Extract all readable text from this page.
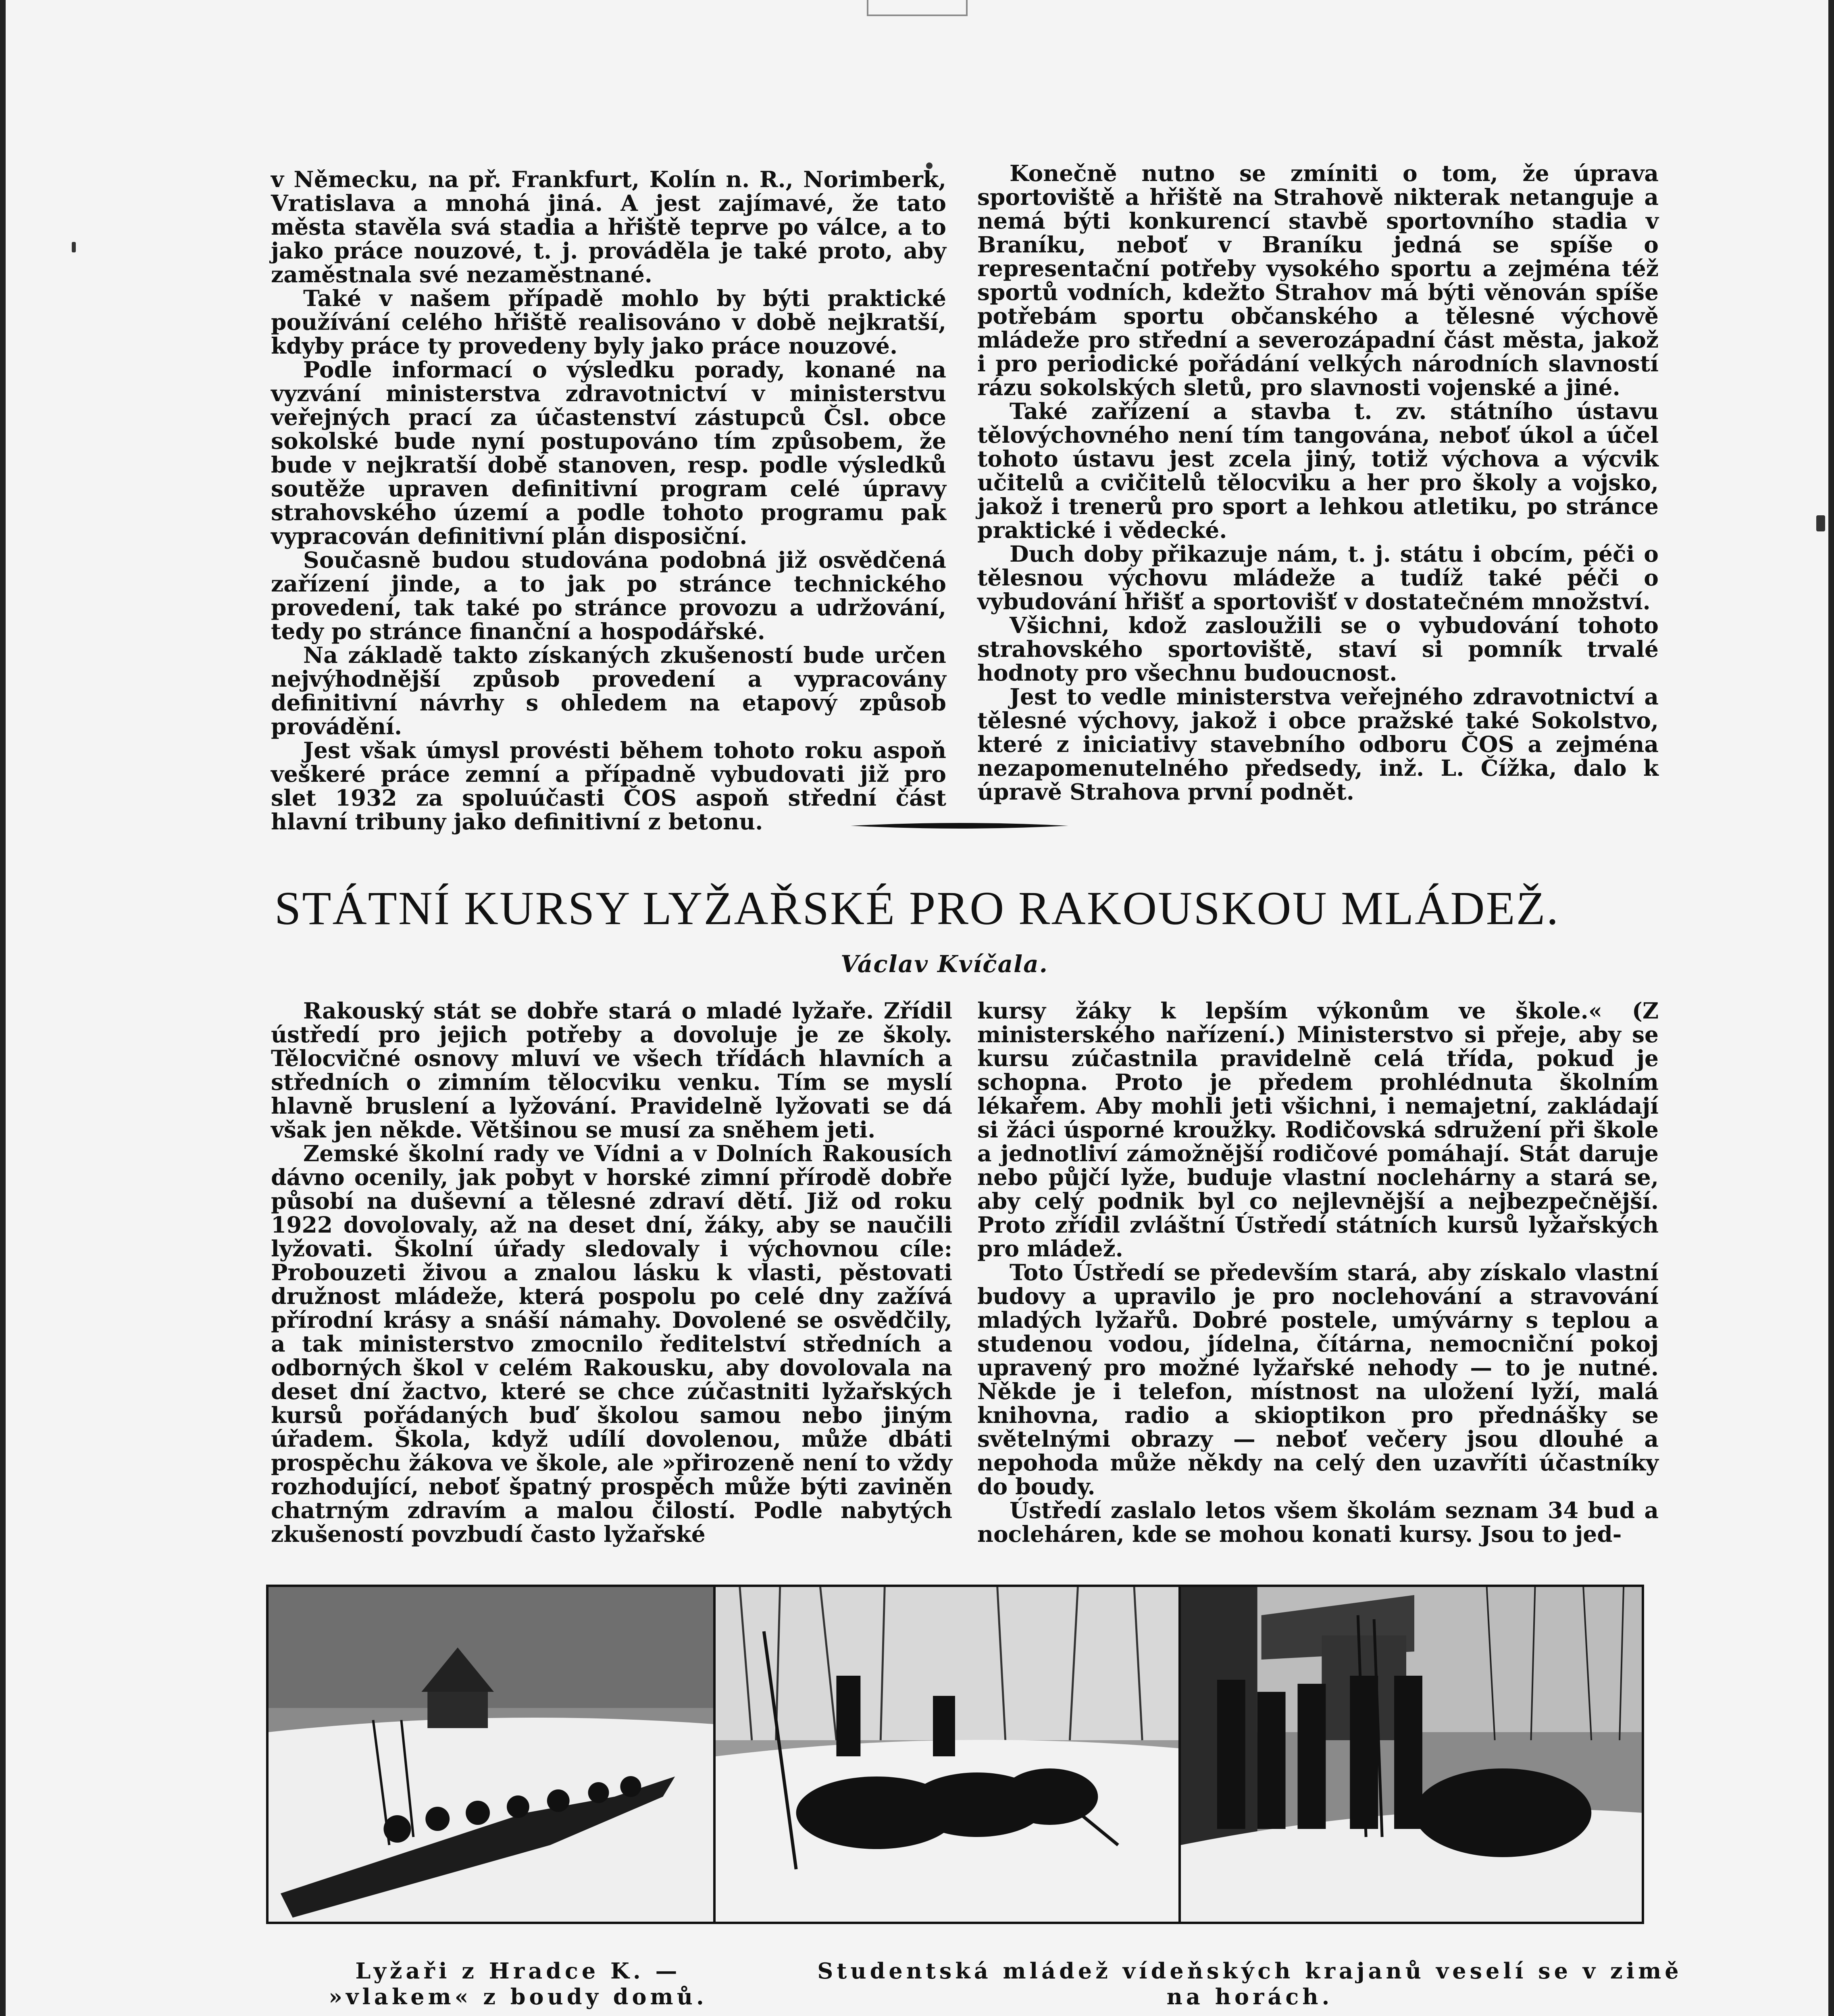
v Německu, na př. Frankfurt, Kolín n. R., Norimberk, Vratislava a mnohá jiná. A jest zajímavé, že tato města stavěla svá stadia a hřiště teprve po válce, a to jako práce nouzové, t. j. prováděla je také proto, aby zaměstnala své nezaměstnané.

Také v našem případě mohlo by býti praktické používání celého hřiště realisováno v době nejkratší, kdyby práce ty provedeny byly jako práce nouzové.

Podle informací o výsledku porady, konané na vyzvání ministerstva zdravotnictví v ministerstvu veřejných prací za účastenství zástupců Čsl. obce sokolské bude nyní postupováno tím způsobem, že bude v nejkratší době stanoven, resp. podle výsledků soutěže upraven definitivní program celé úpravy strahovského území a podle tohoto programu pak vypracován definitivní plán disposiční.

Současně budou studována podobná již osvědčená zařízení jinde, a to jak po stránce technického provedení, tak také po stránce provozu a udržování, tedy po stránce finanční a hospodářské.

Na základě takto získaných zkušeností bude určen nejvýhodnější způsob provedení a vypracovány definitivní návrhy s ohledem na etapový způsob provádění.

Jest však úmysl provésti během tohoto roku aspoň veškeré práce zemní a případně vybudovati již pro slet 1932 za spoluúčasti ČOS aspoň střední část hlavní tribuny jako definitivní z betonu.

Konečně nutno se zmíniti o tom, že úprava sportoviště a hřiště na Strahově nikterak netanguje a nemá býti konkurencí stavbě sportovního stadia v Braníku, neboť v Braníku jedná se spíše o representační potřeby vysokého sportu a zejména též sportů vodních, kdežto Strahov má býti věnován spíše potřebám sportu občanského a tělesné výchově mládeže pro střední a severozápadní část města, jakož i pro periodické pořádání velkých národních slavností rázu sokolských sletů, pro slavnosti vojenské a jiné.

Také zařízení a stavba t. zv. státního ústavu tělovýchovného není tím tangována, neboť úkol a účel tohoto ústavu jest zcela jiný, totiž výchova a výcvik učitelů a cvičitelů tělocviku a her pro školy a vojsko, jakož i trenerů pro sport a lehkou atletiku, po stránce praktické i vědecké.

Duch doby přikazuje nám, t. j. státu i obcím, péči o tělesnou výchovu mládeže a tudíž také péči o vybudování hřišť a sportovišť v dostatečném množství.

Všichni, kdož zasloužili se o vybudování tohoto strahovského sportoviště, staví si pomník trvalé hodnoty pro všechnu budoucnost.

Jest to vedle ministerstva veřejného zdravotnictví a tělesné výchovy, jakož i obce pražské také Sokolstvo, které z iniciativy stavebního odboru ČOS a zejména nezapomenutelného předsedy, inž. L. Čížka, dalo k úpravě Strahova první podnět.

STÁTNÍ KURSY LYŽAŘSKÉ PRO RAKOUSKOU MLÁDEŽ.
Václav Kvíčala.

Rakouský stát se dobře stará o mladé lyžaře. Zřídil ústředí pro jejich potřeby a dovoluje je ze školy. Tělocvičné osnovy mluví ve všech třídách hlavních a středních o zimním tělocviku venku. Tím se myslí hlavně bruslení a lyžování. Pravidelně lyžovati se dá však jen někde. Většinou se musí za sněhem jeti.

Zemské školní rady ve Vídni a v Dolních Rakousích dávno ocenily, jak pobyt v horské zimní přírodě dobře působí na duševní a tělesné zdraví dětí. Již od roku 1922 dovolovaly, až na deset dní, žáky, aby se naučili lyžovati. Školní úřady sledovaly i výchovnou cíle: Probouzeti živou a znalou lásku k vlasti, pěstovati družnost mládeže, která pospolu po celé dny zažívá přírodní krásy a snáší námahy. Dovolené se osvědčily, a tak ministerstvo zmocnilo ředitelství středních a odborných škol v celém Rakousku, aby dovolovala na deset dní žactvo, které se chce zúčastniti lyžařských kursů pořádaných buď školou samou nebo jiným úřadem. Škola, když udílí dovolenou, může dbáti prospěchu žákova ve škole, ale »přirozeně není to vždy rozhodující, neboť špatný prospěch může býti zaviněn chatrným zdravím a malou čilostí. Podle nabytých zkušeností povzbudí často lyžařské

kursy žáky k lepším výkonům ve škole.« (Z ministerského nařízení.) Ministerstvo si přeje, aby se kursu zúčastnila pravidelně celá třída, pokud je schopna. Proto je předem prohlédnuta školním lékařem. Aby mohli jeti všichni, i nemajetní, zakládají si žáci úsporné kroužky. Rodičovská sdružení při škole a jednotliví zámožnější rodičové pomáhají. Stát daruje nebo půjčí lyže, buduje vlastní noclehárny a stará se, aby celý podnik byl co nejlevnější a nejbezpečnější. Proto zřídil zvláštní Ústředí státních kursů lyžařských pro mládež.

Toto Ústředí se především stará, aby získalo vlastní budovy a upravilo je pro noclehování a stravování mladých lyžařů. Dobré postele, umývárny s teplou a studenou vodou, jídelna, čítárna, nemocniční pokoj upravený pro možné lyžařské nehody — to je nutné. Někde je i telefon, místnost na uložení lyží, malá knihovna, radio a skioptikon pro přednášky se světelnými obrazy — neboť večery jsou dlouhé a nepohoda může někdy na celý den uzavříti účastníky do boudy.

Ústředí zaslalo letos všem školám seznam 34 bud a nocleháren, kde se mohou konati kursy. Jsou to jed-

Lyžaři z Hradce K. — »vlakem« z boudy domů.
Studentská mládež vídeňských krajanů veselí se v zimě na horách.
